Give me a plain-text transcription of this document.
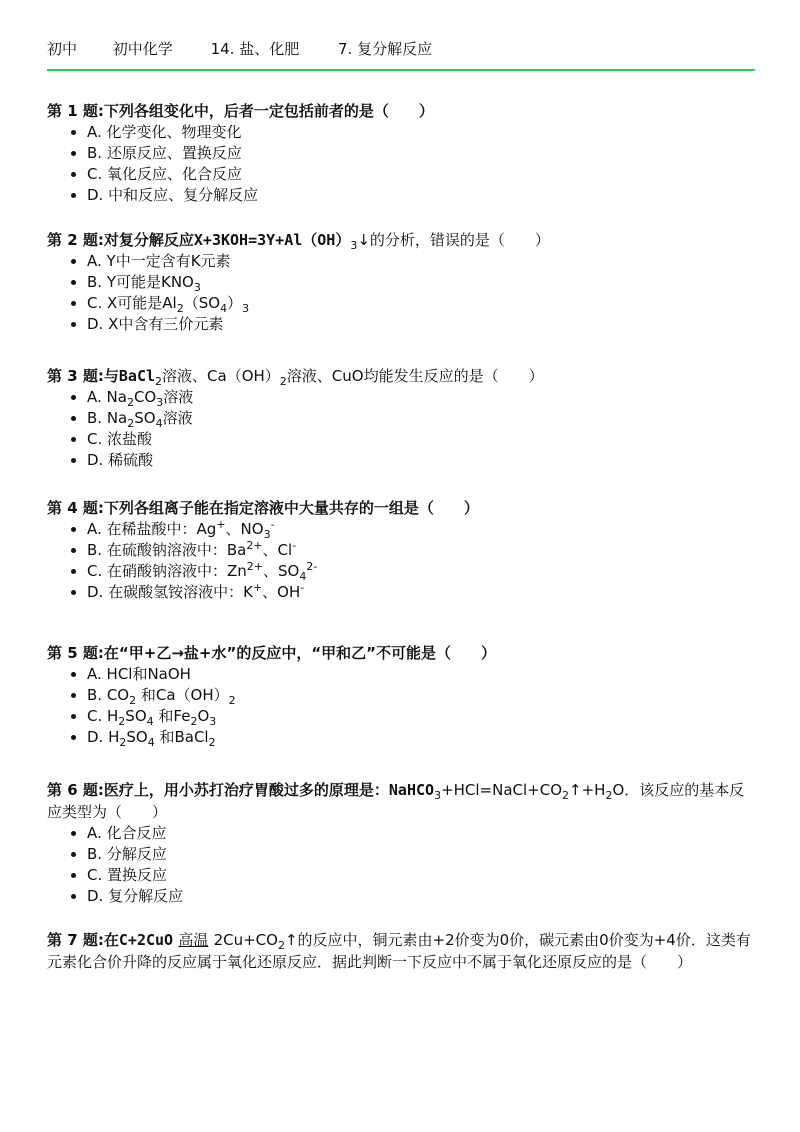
初中 初中化学	14. 盐、化肥	7. 复分解反应
第 1 题:下列各组变化中，后者一定包括前者的是（　　）
• A. 化学变化、物理变化
• B. 还原反应、置换反应
• C. 氧化反应、化合反应
• D. 中和反应、复分解反应
第 2 题:对复分解反应$X+3KOH=3Y+Al(OH)_3↓$的分析，错误的是（　　）
• A. Y中一定含有K元素
• B. Y可能是$KNO_3$
• C. X可能是$Al_2(SO_4)_3$
• D. X中含有三价元素
第 3 题:与BaCl$_2$溶液、$Ca(OH)_2$溶液、CuO均能发生反应的是（　　）
• A. $Na_2CO_3$溶液
• B. $Na_2SO_4$溶液
• C. 浓盐酸
• D. 稀硫酸
第 4 题:下列各组离子能在指定溶液中大量共存的一组是（　　）
• A. 在稀盐酸中：Ag+、$NO_3^-$
• B. 在硫酸钠溶液中：$Ba^{2+}$、Cl-
• C. 在硝酸钠溶液中：$Zn^{2+}$、$SO_4^{2-}$
• D. 在碳酸氢铵溶液中：K+、OH-
第 5 题:在“甲+乙→盐+水”的反应中，“甲和乙”不可能是（　　）
• A. HCl和NaOH
• B. $CO_2$ 和$Ca(OH)_2$
• C. $H_2SO_4$ 和$Fe_2O_3$
• D. $H_2SO_4$ 和BaCl$_2$
第 6 题:医疗上，用小苏打治疗胃酸过多的原理是：$NaHCO_3+HCl=NaCl+CO_2↑+H_2O$．该反应的基本反应类型为（　　）
• A. 化合反应
• B. 分解反应
• C. 置换反应
• D. 复分解反应
第 7 题:在C+2CuO 高温 $2Cu+CO_2↑$的反应中，铜元素由+2价变为0价，碳元素由0价变为+4价．这类有元素化合价升降的反应属于氧化还原反应．据此判断一下反应中不属于氧化还原反应的是（　　）
